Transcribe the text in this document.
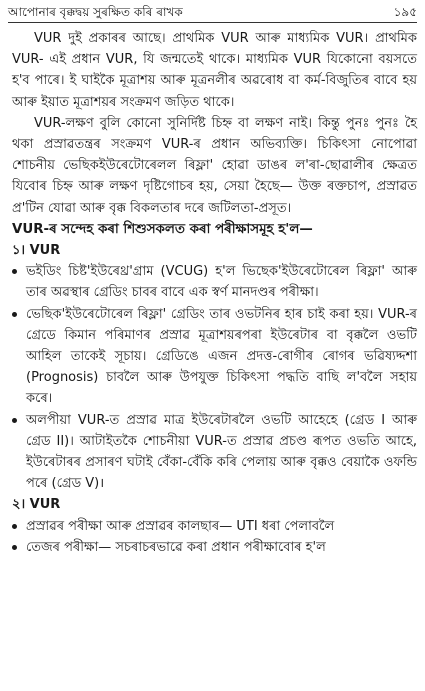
আপোনাৰ বৃক্কদ্বয় সুৰক্ষিত কৰি ৰাখক	১৯৫

VUR দুই প্ৰকাৰৰ আছে। প্ৰাথমিক VUR আৰু মাধ্যমিক VUR। প্ৰাথমিক VUR- এই প্ৰধান VUR, যি জন্মতেই থাকে। মাধ্যমিক VUR যিকোনো বয়সতে হ'ব পাৰে। ই ঘাইকৈ মূত্ৰাশয় আৰু মূত্ৰনলীৰ অৱৰোধ বা কৰ্ম-বিজুতিৰ বাবে হয় আৰু ইয়াত মূত্ৰাশয়ৰ সংক্ৰমণ জড়িত থাকে।

VUR-লক্ষণ বুলি কোনো সুনিৰ্দিষ্ট চিহ্ন বা লক্ষণ নাই। কিন্তু পুনঃ পুনঃ হৈ থকা প্ৰস্ৰাৱতন্ত্ৰৰ সংক্ৰমণ VUR-ৰ প্ৰধান অভিব্যক্তি। চিকিৎসা নোপোৱা শোচনীয় ভেছিকইউৰেটোৰেলল ৰিফ্লা' হোৱা ডাঙৰ ল'ৰা-ছোৱালীৰ ক্ষেত্ৰত যিবোৰ চিহ্ন আৰু লক্ষণ দৃষ্টিগোচৰ হয়, সেয়া হৈছে— উক্ত ৰক্তচাপ, প্ৰস্ৰাৱত প্ৰ'টিন যোৱা আৰু বৃক্ক বিকলতাৰ দৰে জটিলতা-প্ৰসূত।

VUR-ৰ সন্দেহ কৰা শিশুসকলত কৰা পৰীক্ষাসমূহ হ'ল—

১। VUR

ভইডিং চিষ্ট'ইউৰেথ্ৰ'গ্ৰাম (VCUG) হ'ল ভিছেক'ইউৰেটোৰেল ৰিফ্লা' আৰু তাৰ অৱস্থাৰ গ্ৰেডিং চাবৰ বাবে এক স্বৰ্ণ মানদণ্ডৰ পৰীক্ষা।
ভেছিক'ইউৰেটোৰেল ৰিফ্লা' গ্ৰেডিং তাৰ ওভটনিৰ হাৰ চাই কৰা হয়। VUR-ৰ গ্ৰেডে কিমান পৰিমাণৰ প্ৰস্ৰাৱ মূত্ৰাশয়ৰপৰা ইউৰেটাৰ বা বৃক্কলৈ ওভটি আহিল তাকেই সূচায়। গ্ৰেডিঙে এজন প্ৰদত্ত-ৰোগীৰ ৰোগৰ ভৱিষ্যদ্দশা (Prognosis) চাবলৈ আৰু উপযুক্ত চিকিৎসা পদ্ধতি বাছি ল'বলৈ সহায় কৰে।
অলপীয়া VUR-ত প্ৰস্ৰাৱ মাত্ৰ ইউৰেটাৰলৈ ওভটি আহেহে (গ্ৰেড I আৰু গ্ৰেড II)। আটাইতকৈ শোচনীয়া VUR-ত প্ৰস্ৰাৱ প্ৰচণ্ড ৰূপত ওভতি আহে, ইউৰেটাৰৰ প্ৰসাৰণ ঘটাই বেঁকা-বেঁকি কৰি পেলায় আৰু বৃক্কও বেয়াকৈ ওফন্ডি পৰে (গ্ৰেড V)।

২। VUR

প্ৰস্ৰাৱৰ পৰীক্ষা আৰু প্ৰস্ৰাৱৰ কালছাৰ— UTI ধৰা পেলাবলৈ
তেজৰ পৰীক্ষা— সচৰাচৰভাৱে কৰা প্ৰধান পৰীক্ষাবোৰ হ'ল
